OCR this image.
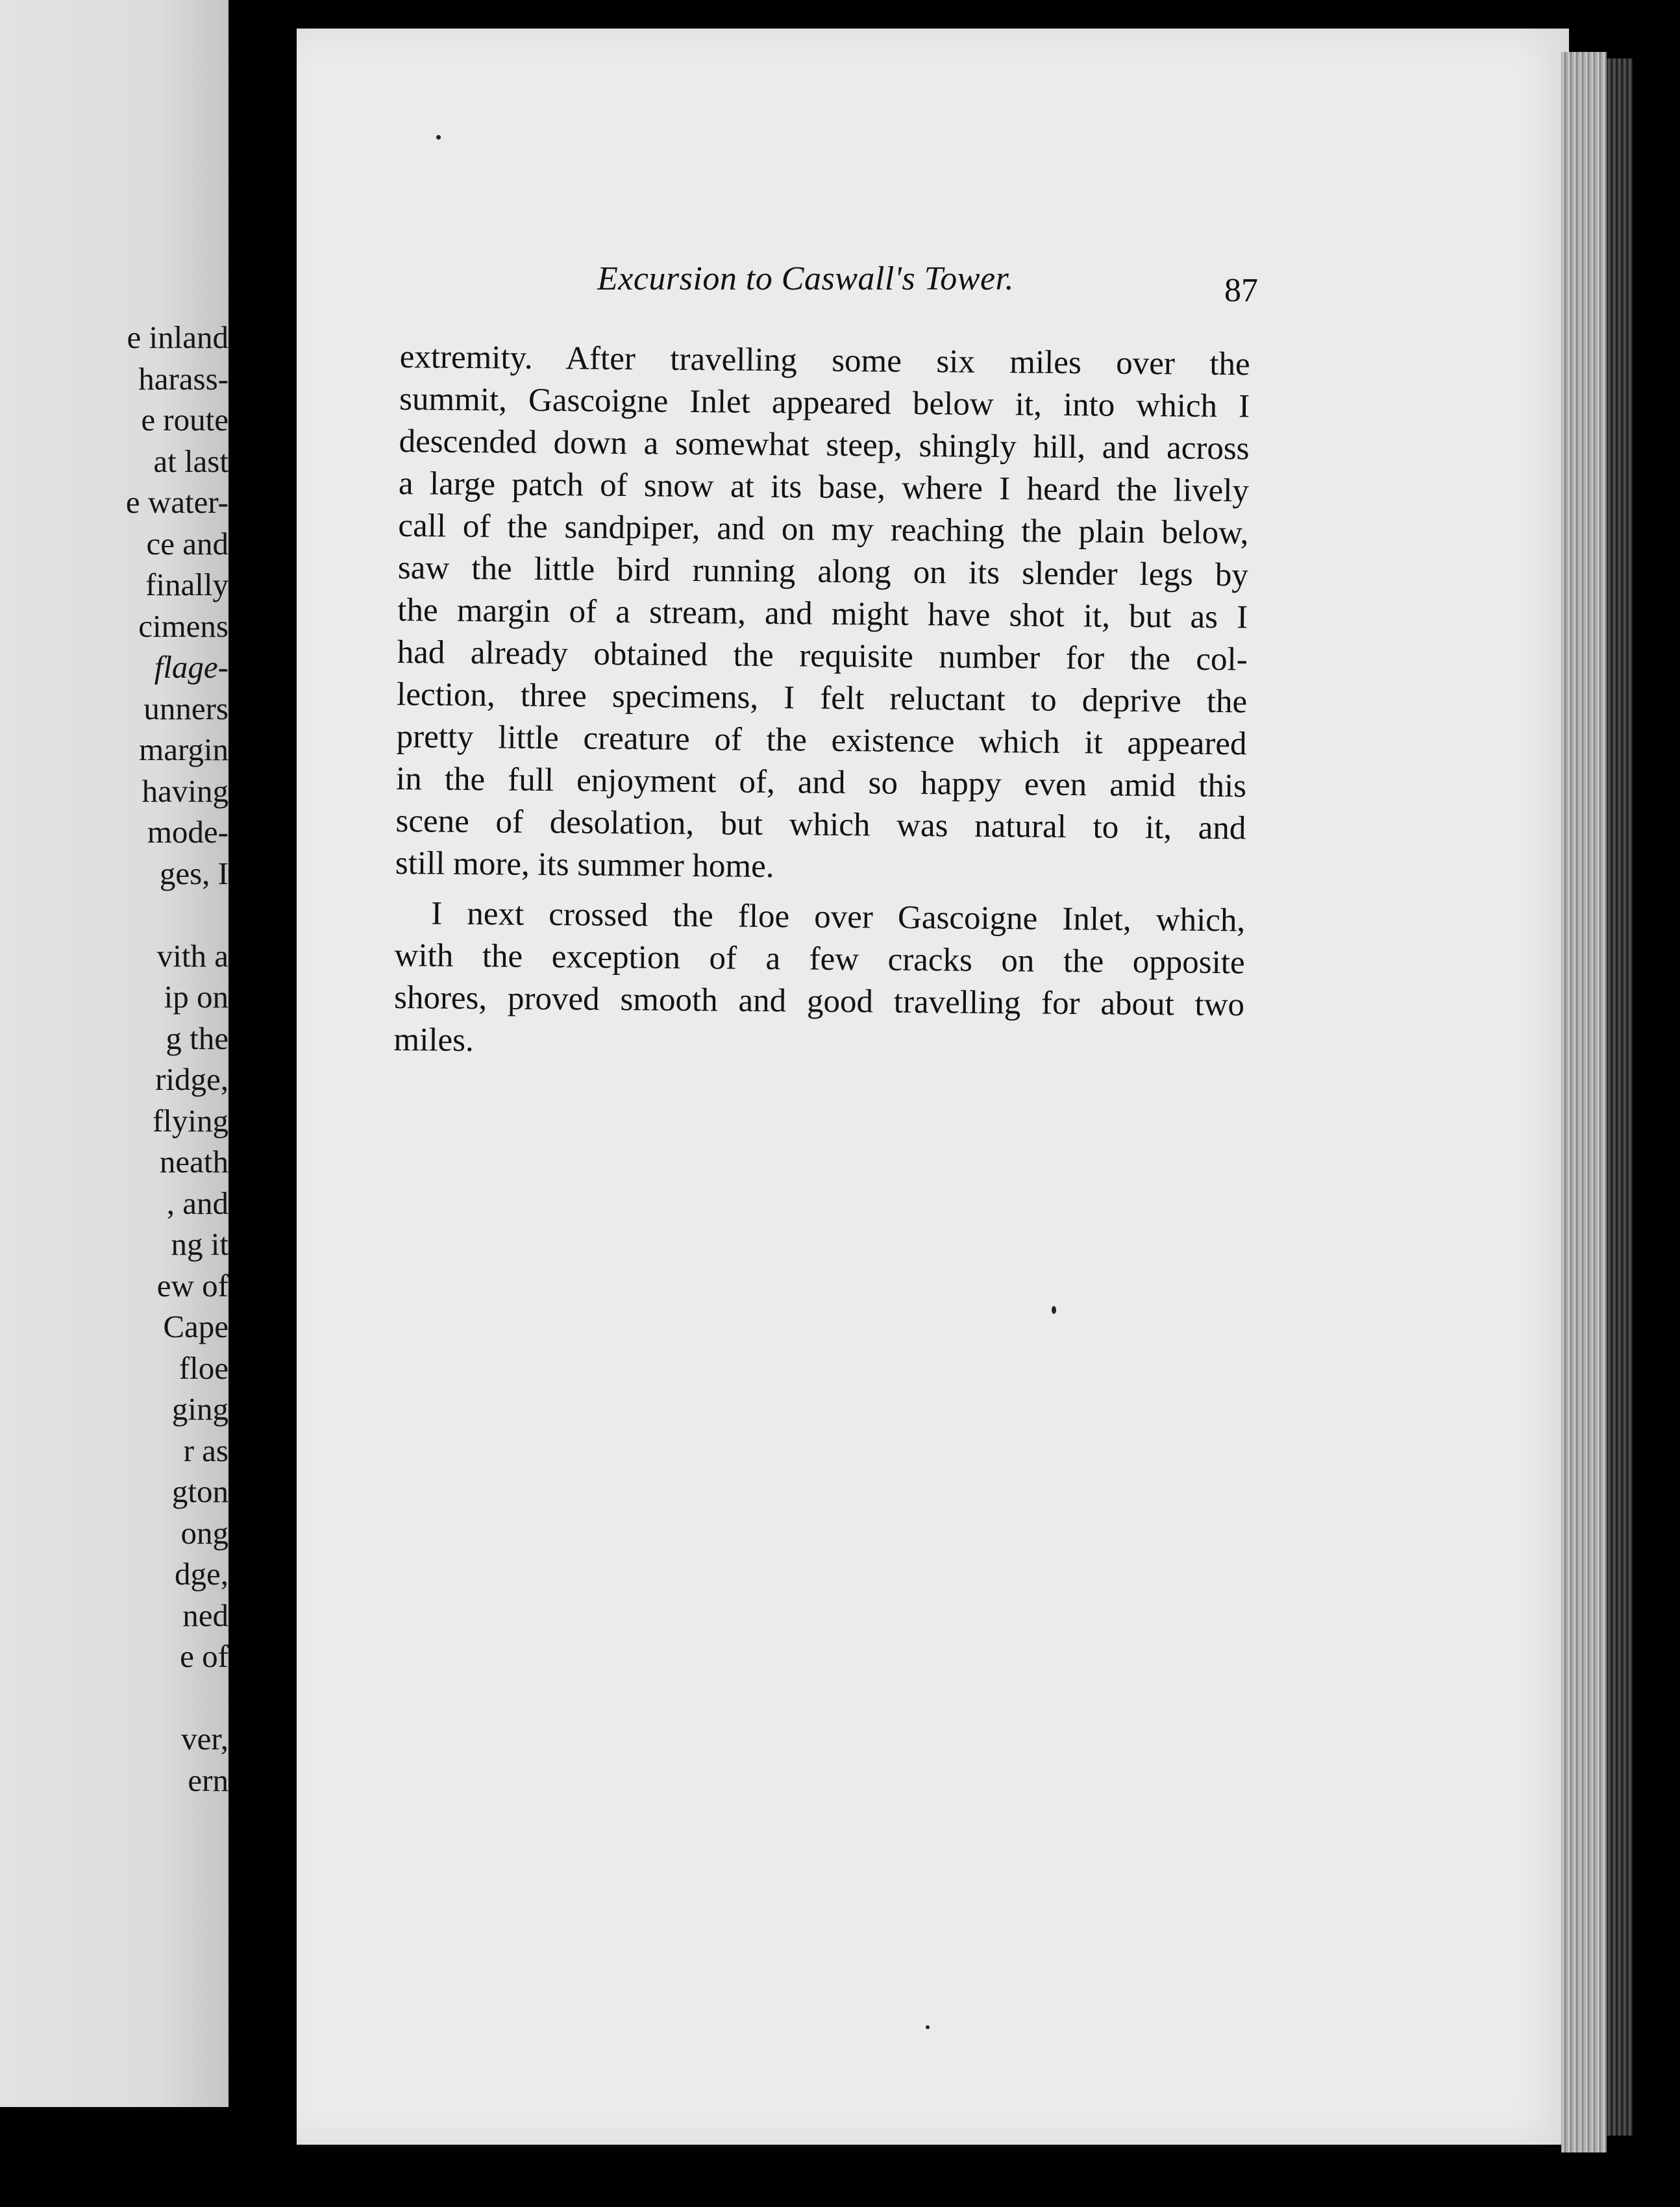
e inland
harass-
e route
at last
e water-
ce and
finally
cimens
flage-
unners
margin
having
mode-
ges, I

vith a
ip on
g the
ridge,
flying
neath
, and
ng it
ew of
Cape
floe
ging
r as
gton
ong
dge,
ned
e of

ver,
ern
Excursion to Caswall's Tower.	87
extremity. After travelling some six miles over the
summit, Gascoigne Inlet appeared below it, into which I
descended down a somewhat steep, shingly hill, and across
a large patch of snow at its base, where I heard the lively
call of the sandpiper, and on my reaching the plain below,
saw the little bird running along on its slender legs by
the margin of a stream, and might have shot it, but as I
had already obtained the requisite number for the col-
lection, three specimens, I felt reluctant to deprive the
pretty little creature of the existence which it appeared
in the full enjoyment of, and so happy even amid this
scene of desolation, but which was natural to it, and
still more, its summer home.
I next crossed the floe over Gascoigne Inlet, which,
with the exception of a few cracks on the opposite
shores, proved smooth and good travelling for about two
miles.
